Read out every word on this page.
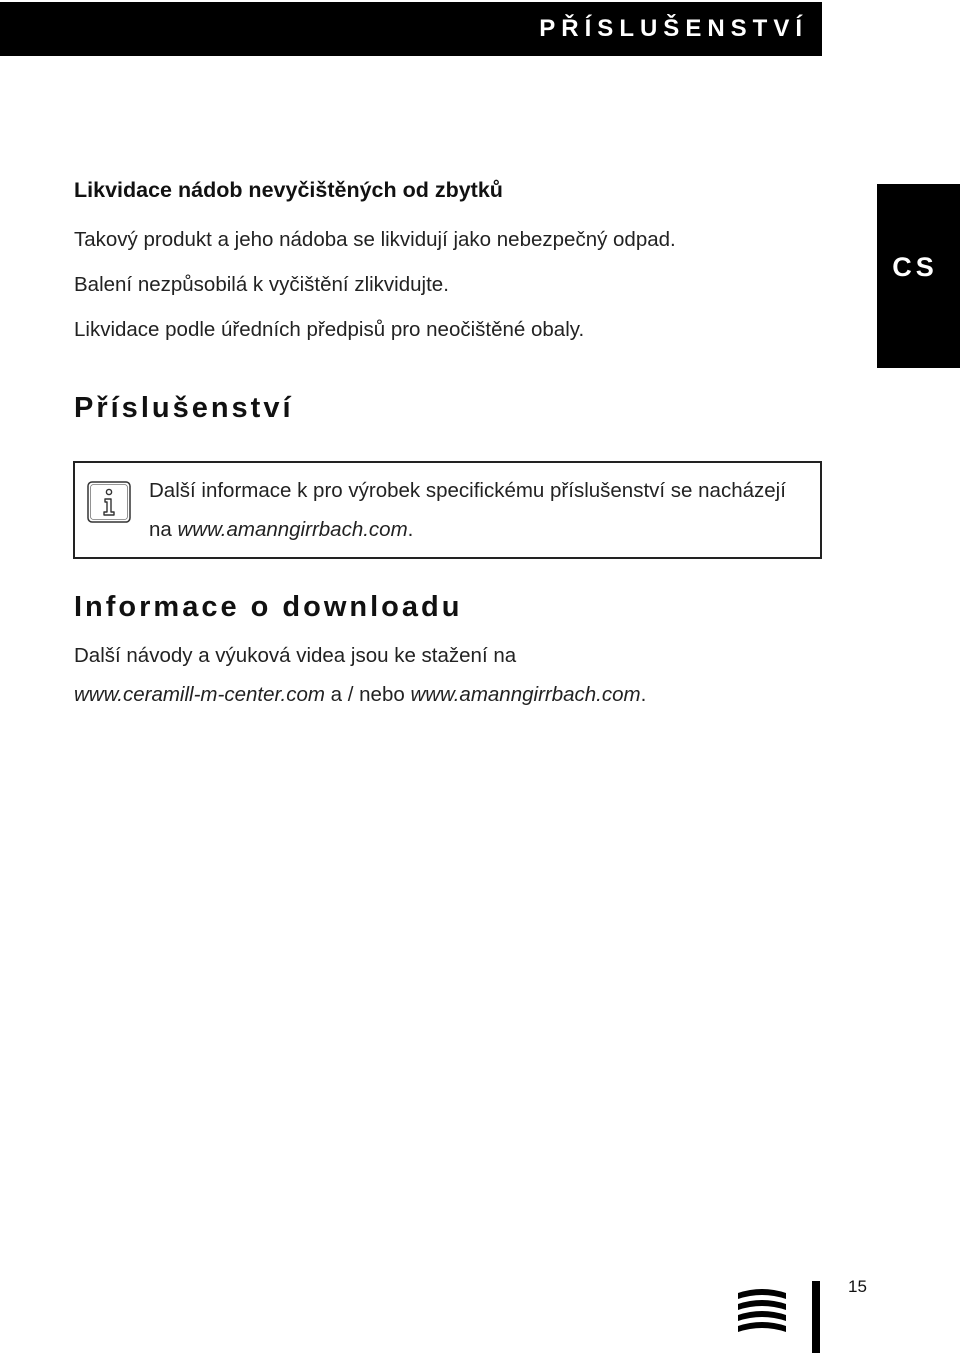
PŘÍSLUŠENSTVÍ
CS
Likvidace nádob nevyčištěných od zbytků
Takový produkt a jeho nádoba se likvidují jako nebezpečný odpad.
Balení nezpůsobilá k vyčištění zlikvidujte.
Likvidace podle úředních předpisů pro neočištěné obaly.
Příslušenství
Informace o downloadu
Další návody a výuková videa jsou ke stažení na
www.ceramill-m-center.com a / nebo www.amanngirrbach.com.
Další informace k pro výrobek specifickému příslušenství se nacházejí na www.amanngirrbach.com.
15
